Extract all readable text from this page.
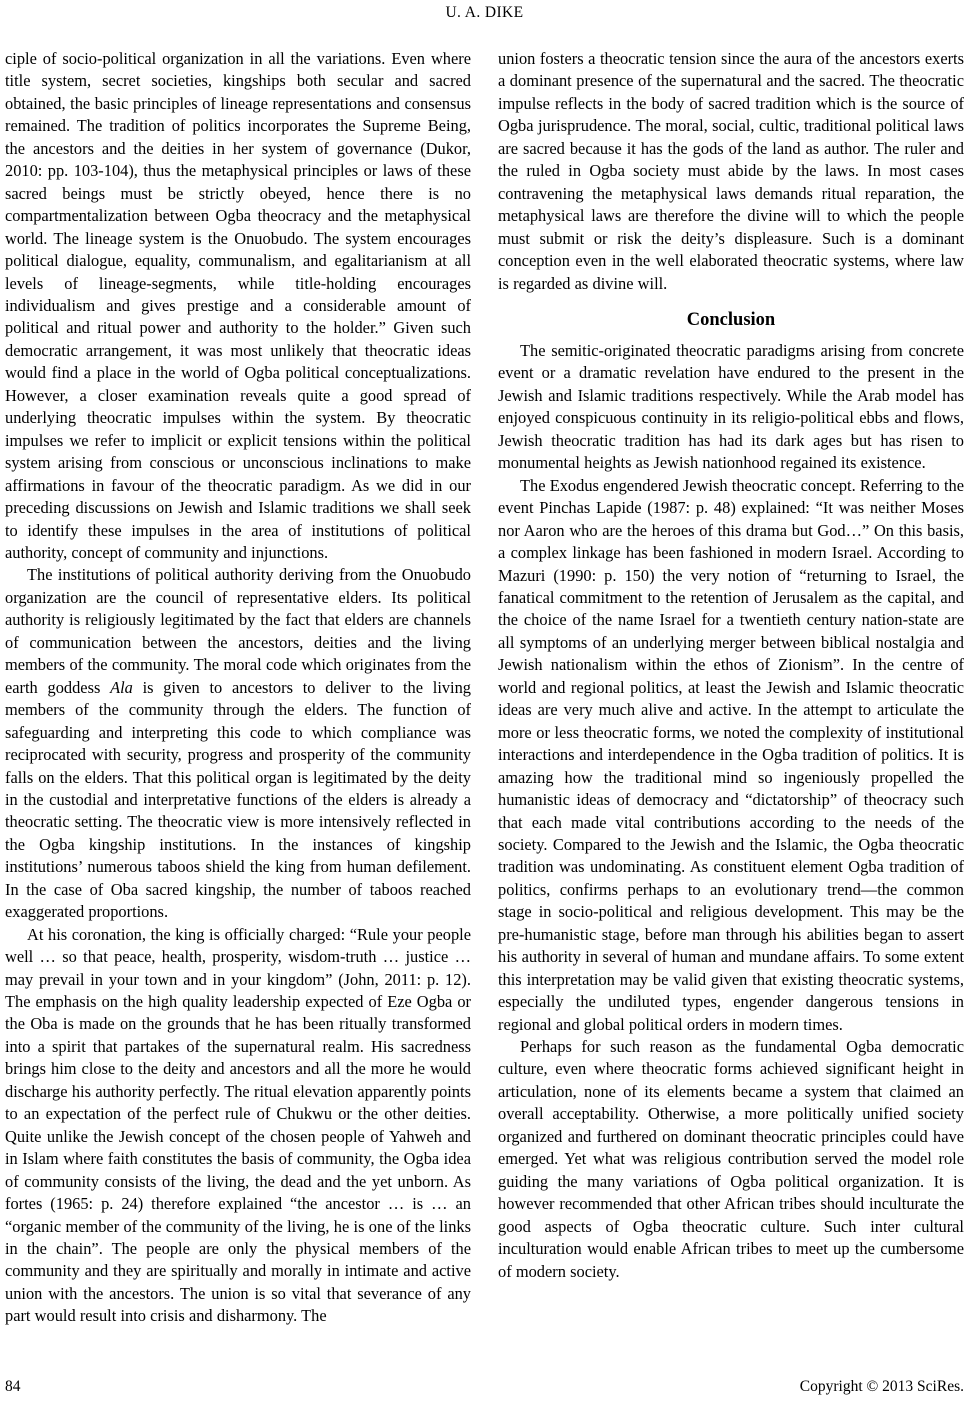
U. A. DIKE

ciple of socio-political organization in all the variations. Even where title system, secret societies, kingships both secular and sacred obtained, the basic principles of lineage representations and consensus remained. The tradition of politics incorporates the Supreme Being, the ancestors and the deities in her system of governance (Dukor, 2010: pp. 103-104), thus the metaphysical principles or laws of these sacred beings must be strictly obeyed, hence there is no compartmentalization between Ogba theocracy and the metaphysical world. The lineage system is the Onuobudo. The system encourages political dialogue, equality, communalism, and egalitarianism at all levels of lineage-segments, while title-holding encourages individualism and gives prestige and a considerable amount of political and ritual power and authority to the holder.” Given such democratic arrangement, it was most unlikely that theocratic ideas would find a place in the world of Ogba political conceptualizations. However, a closer examination reveals quite a good spread of underlying theocratic impulses within the system. By theocratic impulses we refer to implicit or explicit tensions within the political system arising from conscious or unconscious inclinations to make affirmations in favour of the theocratic paradigm. As we did in our preceding discussions on Jewish and Islamic traditions we shall seek to identify these impulses in the area of institutions of political authority, concept of community and injunctions.

The institutions of political authority deriving from the Onuobudo organization are the council of representative elders. Its political authority is religiously legitimated by the fact that elders are channels of communication between the ancestors, deities and the living members of the community. The moral code which originates from the earth goddess Ala is given to ancestors to deliver to the living members of the community through the elders. The function of safeguarding and interpreting this code to which compliance was reciprocated with security, progress and prosperity of the community falls on the elders. That this political organ is legitimated by the deity in the custodial and interpretative functions of the elders is already a theocratic setting. The theocratic view is more intensively reflected in the Ogba kingship institutions. In the instances of kingship institutions’ numerous taboos shield the king from human defilement. In the case of Oba sacred kingship, the number of taboos reached exaggerated proportions.

At his coronation, the king is officially charged: “Rule your people well … so that peace, health, prosperity, wisdom-truth … justice … may prevail in your town and in your kingdom” (John, 2011: p. 12). The emphasis on the high quality leadership expected of Eze Ogba or the Oba is made on the grounds that he has been ritually transformed into a spirit that partakes of the supernatural realm. His sacredness brings him close to the deity and ancestors and all the more he would discharge his authority perfectly. The ritual elevation apparently points to an expectation of the perfect rule of Chukwu or the other deities. Quite unlike the Jewish concept of the chosen people of Yahweh and in Islam where faith constitutes the basis of community, the Ogba idea of community consists of the living, the dead and the yet unborn. As fortes (1965: p. 24) therefore explained “the ancestor … is … an “organic member of the community of the living, he is one of the links in the chain”. The people are only the physical members of the community and they are spiritually and morally in intimate and active union with the ancestors. The union is so vital that severance of any part would result into crisis and disharmony. The

union fosters a theocratic tension since the aura of the ancestors exerts a dominant presence of the supernatural and the sacred. The theocratic impulse reflects in the body of sacred tradition which is the source of Ogba jurisprudence. The moral, social, cultic, traditional political laws are sacred because it has the gods of the land as author. The ruler and the ruled in Ogba society must abide by the laws. In most cases contravening the metaphysical laws demands ritual reparation, the metaphysical laws are therefore the divine will to which the people must submit or risk the deity’s displeasure. Such is a dominant conception even in the well elaborated theocratic systems, where law is regarded as divine will.

Conclusion

The semitic-originated theocratic paradigms arising from concrete event or a dramatic revelation have endured to the present in the Jewish and Islamic traditions respectively. While the Arab model has enjoyed conspicuous continuity in its religio-political ebbs and flows, Jewish theocratic tradition has had its dark ages but has risen to monumental heights as Jewish nationhood regained its existence.

The Exodus engendered Jewish theocratic concept. Referring to the event Pinchas Lapide (1987: p. 48) explained: “It was neither Moses nor Aaron who are the heroes of this drama but God…” On this basis, a complex linkage has been fashioned in modern Israel. According to Mazuri (1990: p. 150) the very notion of “returning to Israel, the fanatical commitment to the retention of Jerusalem as the capital, and the choice of the name Israel for a twentieth century nation-state are all symptoms of an underlying merger between biblical nostalgia and Jewish nationalism within the ethos of Zionism”. In the centre of world and regional politics, at least the Jewish and Islamic theocratic ideas are very much alive and active. In the attempt to articulate the more or less theocratic forms, we noted the complexity of institutional interactions and interdependence in the Ogba tradition of politics. It is amazing how the traditional mind so ingeniously propelled the humanistic ideas of democracy and “dictatorship” of theocracy such that each made vital contributions according to the needs of the society. Compared to the Jewish and the Islamic, the Ogba theocratic tradition was undominating. As constituent element Ogba tradition of politics, confirms perhaps to an evolutionary trend—the common stage in socio-political and religious development. This may be the pre-humanistic stage, before man through his abilities began to assert his authority in several of human and mundane affairs. To some extent this interpretation may be valid given that existing theocratic systems, especially the undiluted types, engender dangerous tensions in regional and global political orders in modern times.

Perhaps for such reason as the fundamental Ogba democratic culture, even where theocratic forms achieved significant height in articulation, none of its elements became a system that claimed an overall acceptability. Otherwise, a more politically unified society organized and furthered on dominant theocratic principles could have emerged. Yet what was religious contribution served the model role guiding the many variations of Ogba political organization. It is however recommended that other African tribes should inculturate the good aspects of Ogba theocratic culture. Such inter cultural inculturation would enable African tribes to meet up the cumbersome of modern society.

84	Copyright © 2013 SciRes.
